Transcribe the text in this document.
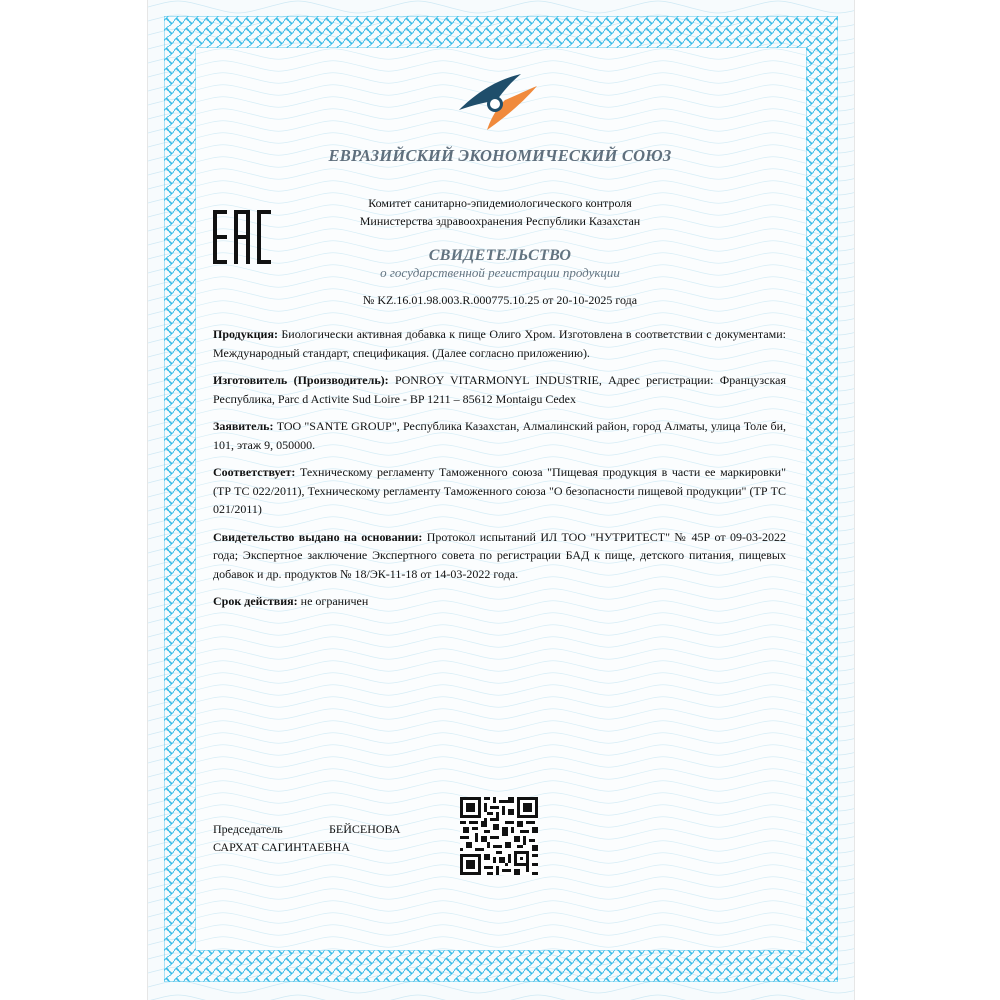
ЕВРАЗИЙСКИЙ ЭКОНОМИЧЕСКИЙ СОЮЗ
Комитет санитарно-эпидемиологического контроля
Министерства здравоохранения Республики Казахстан
СВИДЕТЕЛЬСТВО
о государственной регистрации продукции
№ KZ.16.01.98.003.R.000775.10.25 от 20-10-2025 года

Продукция: Биологически активная добавка к пище Олиго Хром. Изготовлена в соответствии с документами: Международный стандарт, спецификация. (Далее согласно приложению).

Изготовитель (Производитель): PONROY VITARMONYL INDUSTRIE, Адрес регистрации: Французская Республика, Parc d Activite Sud Loire - BP 1211 – 85612 Montaigu Cedex

Заявитель: ТОО "SANTE GROUP", Республика Казахстан, Алмалинский район, город Алматы, улица Толе би, 101, этаж 9, 050000.

Соответствует: Техническому регламенту Таможенного союза "Пищевая продукция в части ее маркировки" (ТР ТС 022/2011), Техническому регламенту Таможенного союза "О безопасности пищевой продукции" (ТР ТС 021/2011)

Свидетельство выдано на основании: Протокол испытаний ИЛ ТОО "НУТРИТЕСТ" № 45Р от 09-03-2022 года; Экспертное заключение Экспертного совета по регистрации БАД к пище, детского питания, пищевых добавок и др. продуктов № 18/ЭК-11-18 от 14-03-2022 года.

Срок действия: не ограничен

Председатель	БЕЙСЕНОВА
САРХАТ САГИНТАЕВНА
